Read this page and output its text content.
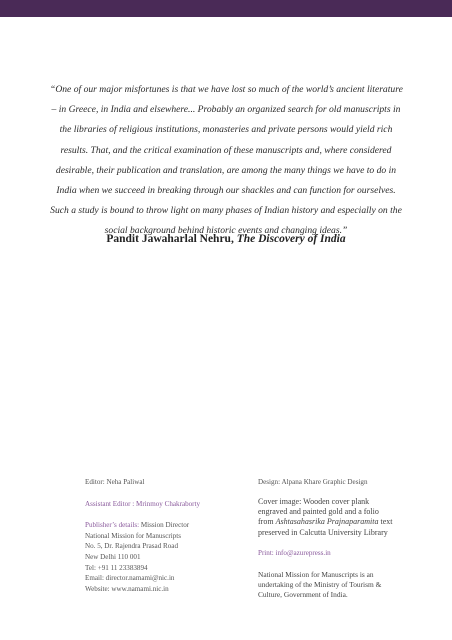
“One of our major misfortunes is that we have lost so much of the world’s ancient literature
– in Greece, in India and elsewhere... Probably an organized search for old manuscripts in
the libraries of religious institutions, monasteries and private persons would yield rich
results. That, and the critical examination of these manuscripts and, where considered
desirable, their publication and translation, are among the many things we have to do in
India when we succeed in breaking through our shackles and can function for ourselves.
Such a study is bound to throw light on many phases of Indian history and especially on the
social background behind historic events and changing ideas.”
Pandit Jawaharlal Nehru, The Discovery of India

Editor: Neha Paliwal

Assistant Editor : Mrinmoy Chakraborty

Publisher’s details: Mission Director

National Mission for Manuscripts

No. 5, Dr. Rajendra Prasad Road

New Delhi 110 001

Tel: +91 11 23383894

Email: director.namami@nic.in

Website: www.namami.nic.in

Design: Alpana Khare Graphic Design

Cover image: Wooden cover plank

engraved and painted gold and a folio

from Ashtasahasrika Prajnaparamita text

preserved in Calcutta University Library

Print: info@azurepress.in

National Mission for Manuscripts is an

undertaking of the Ministry of Tourism &

Culture, Government of India.
